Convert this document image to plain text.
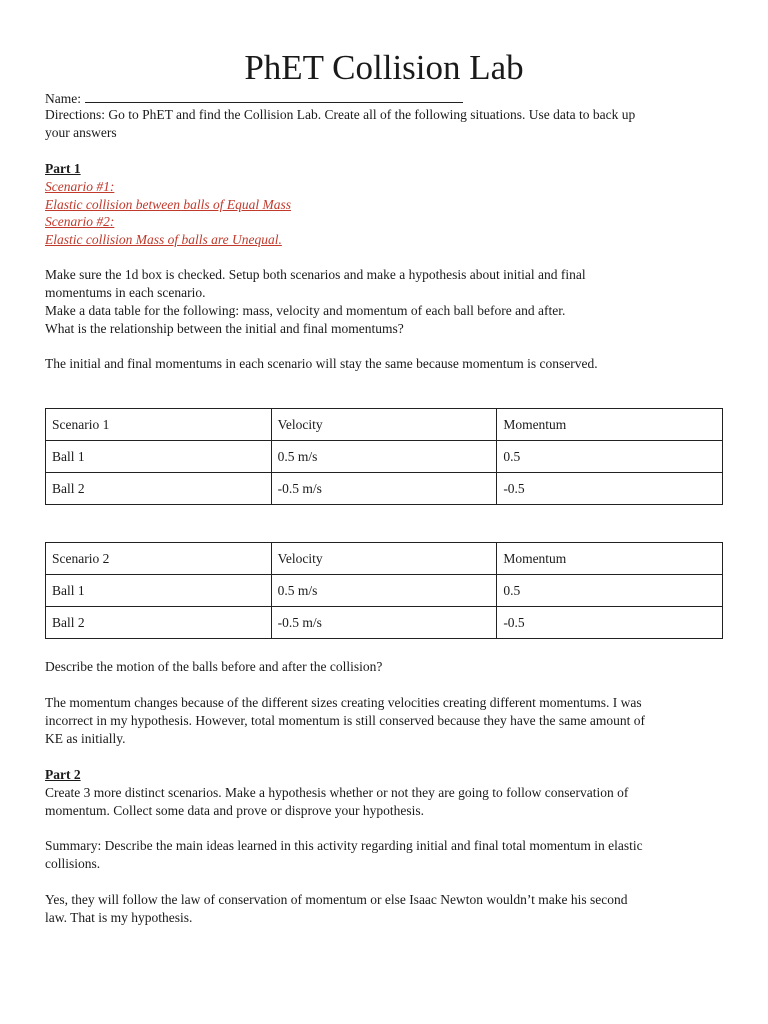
PhET Collision Lab
Name:
Directions: Go to PhET and find the Collision Lab. Create all of the following situations. Use data to back up
your answers
Part 1
Scenario #1:
Elastic collision between balls of Equal Mass
Scenario #2:
Elastic collision Mass of balls are Unequal.
Make sure the 1d box is checked. Setup both scenarios and make a hypothesis about initial and final
momentums in each scenario.
Make a data table for the following: mass, velocity and momentum of each ball before and after.
What is the relationship between the initial and final momentums?
The initial and final momentums in each scenario will stay the same because momentum is conserved.
Scenario 1	Velocity	Momentum
Ball 1	0.5 m/s	0.5
Ball 2	-0.5 m/s	-0.5
Scenario 2	Velocity	Momentum
Ball 1	0.5 m/s	0.5
Ball 2	-0.5 m/s	-0.5
Describe the motion of the balls before and after the collision?
The momentum changes because of the different sizes creating velocities creating different momentums. I was
incorrect in my hypothesis. However, total momentum is still conserved because they have the same amount of
KE as initially.
Part 2
Create 3 more distinct scenarios. Make a hypothesis whether or not they are going to follow conservation of
momentum. Collect some data and prove or disprove your hypothesis.
Summary: Describe the main ideas learned in this activity regarding initial and final total momentum in elastic
collisions.
Yes, they will follow the law of conservation of momentum or else Isaac Newton wouldn’t make his second
law. That is my hypothesis.
